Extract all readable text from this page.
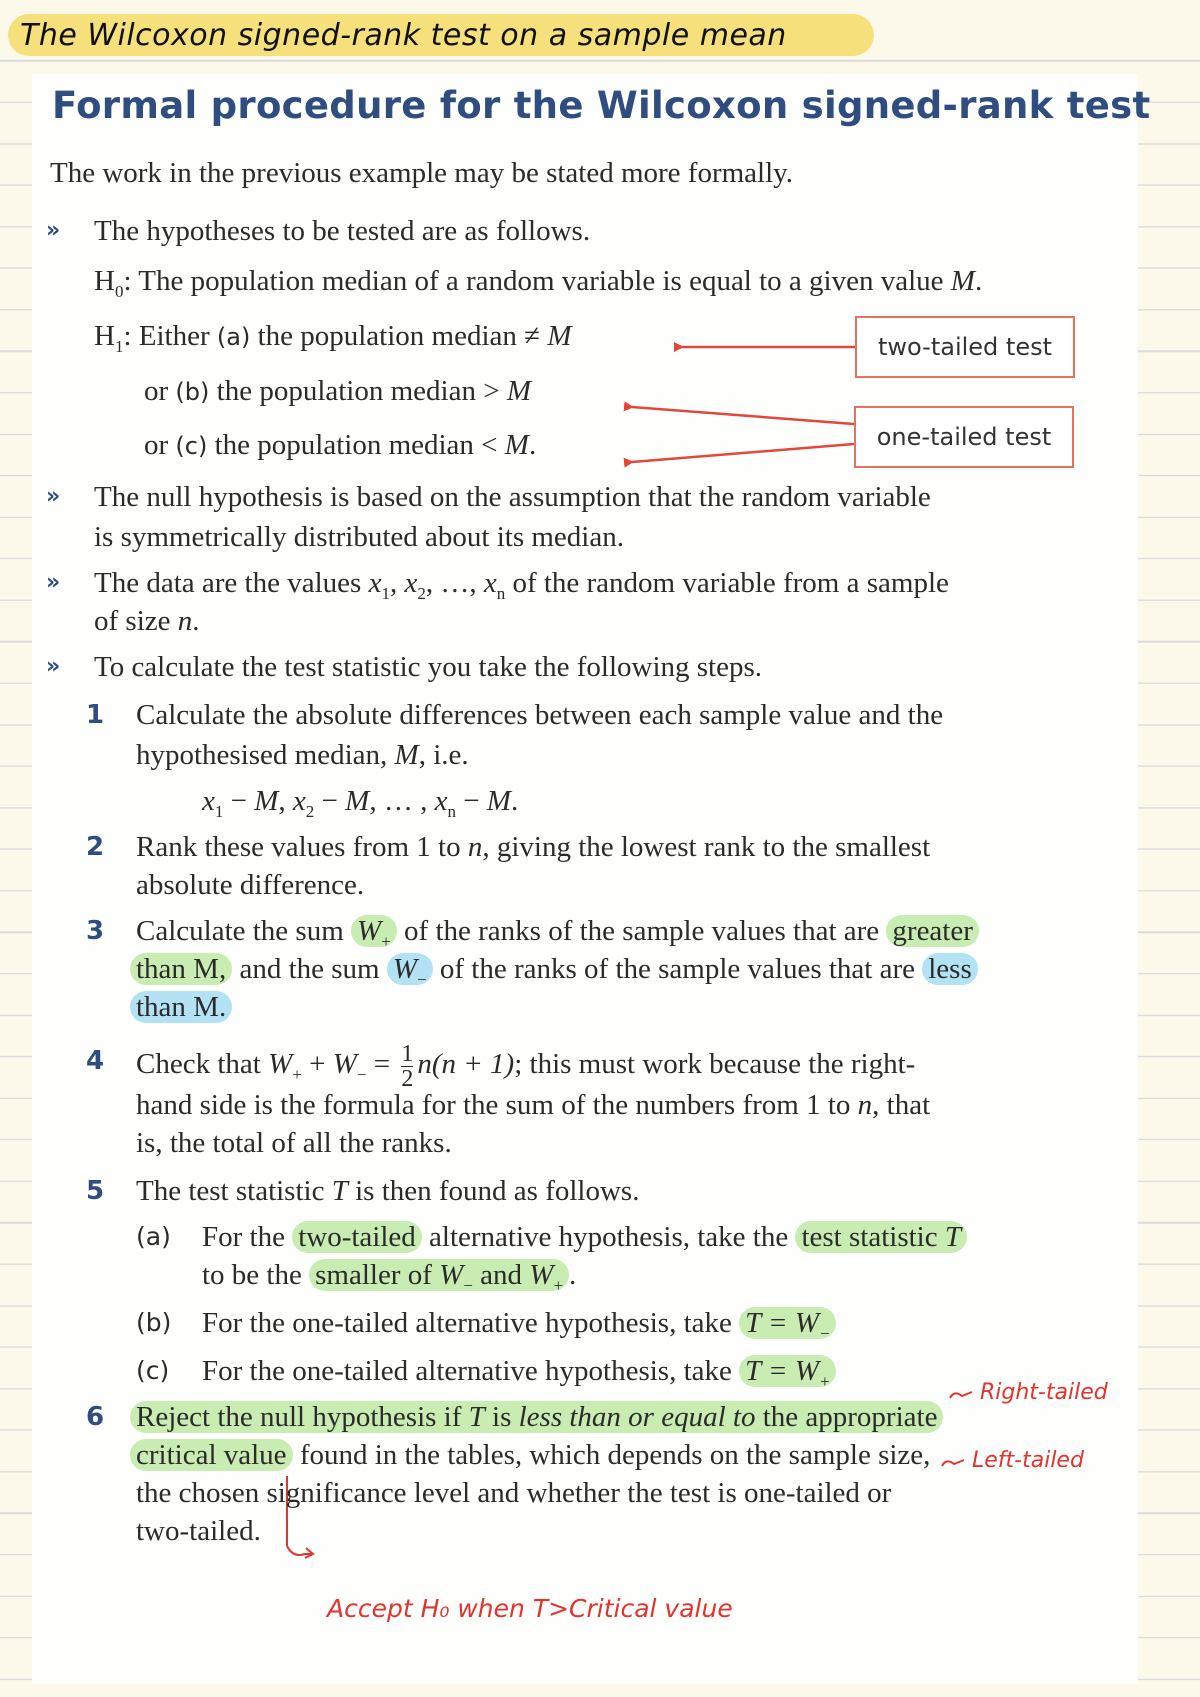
The Wilcoxon signed-rank test on a sample mean
Formal procedure for the Wilcoxon signed-rank test
The work in the previous example may be stated more formally.
» The hypotheses to be tested are as follows.
$H_0$: The population median of a random variable is equal to a given value M.
$H_1$: Either (a) the population median ≠ M
or (b) the population median > M
or (c) the population median < M.
two-tailed test
one-tailed test
» The null hypothesis is based on the assumption that the random variable
is symmetrically distributed about its median.
» The data are the values $x_1$, $x_2$, …, $x_n$ of the random variable from a sample
of size n.
» To calculate the test statistic you take the following steps.
1 Calculate the absolute differences between each sample value and the
hypothesised median, M, i.e.
$x_1 - M$, $x_2 - M$, … , $x_n - M$.
2 Rank these values from 1 to n, giving the lowest rank to the smallest
absolute difference.
3 Calculate the sum $W_+$ of the ranks of the sample values that are greater
than M, and the sum $W_-$ of the ranks of the sample values that are less
than M.
4 Check that $W_+ + W_- = \frac{1}{2} n(n + 1)$; this must work because the right-
hand side is the formula for the sum of the numbers from 1 to n, that
is, the total of all the ranks.
5 The test statistic T is then found as follows.
(a) For the two-tailed alternative hypothesis, take the test statistic T
to be the smaller of $W_-$ and $W_+$ .
(b) For the one-tailed alternative hypothesis, take $T = W_-$
Right-tailed
(c) For the one-tailed alternative hypothesis, take $T = W_+$
Left-tailed
6 Reject the null hypothesis if T is less than or equal to the appropriate
critical value found in the tables, which depends on the sample size,
the chosen significance level and whether the test is one-tailed or
two-tailed.
Accept H₀ when T>Critical value
